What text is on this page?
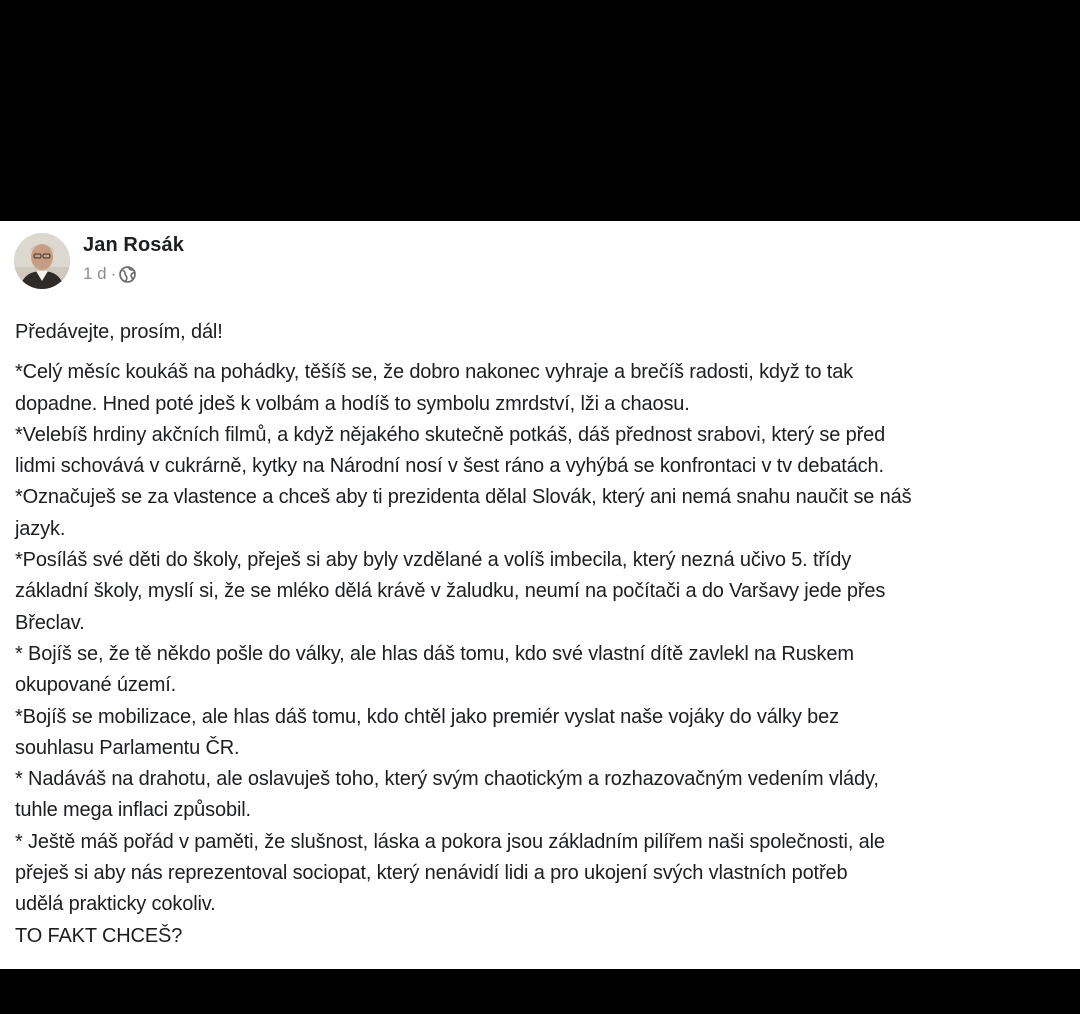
Jan Rosák
1 d ·

Předávejte, prosím, dál!

*Celý měsíc koukáš na pohádky, těšíš se, že dobro nakonec vyhraje a brečíš radosti, když to tak

dopadne. Hned poté jdeš k volbám a hodíš to symbolu zmrdství, lži a chaosu.

*Velebíš hrdiny akčních filmů, a když nějakého skutečně potkáš, dáš přednost srabovi, který se před

lidmi schovává v cukrárně, kytky na Národní nosí v šest ráno a vyhýbá se konfrontaci v tv debatách.

*Označuješ se za vlastence a chceš aby ti prezidenta dělal Slovák, který ani nemá snahu naučit se náš

jazyk.

*Posíláš své děti do školy, přeješ si aby byly vzdělané a volíš imbecila, který nezná učivo 5. třídy

základní školy, myslí si, že se mléko dělá krávě v žaludku, neumí na počítači a do Varšavy jede přes

Břeclav.

* Bojíš se, že tě někdo pošle do války, ale hlas dáš tomu, kdo své vlastní dítě zavlekl na Ruskem

okupované území.

*Bojíš se mobilizace, ale hlas dáš tomu, kdo chtěl jako premiér vyslat naše vojáky do války bez

souhlasu Parlamentu ČR.

* Nadáváš na drahotu, ale oslavuješ toho, který svým chaotickým a rozhazovačným vedením vlády,

tuhle mega inflaci způsobil.

* Ještě máš pořád v paměti, že slušnost, láska a pokora jsou základním pilířem naši společnosti, ale

přeješ si aby nás reprezentoval sociopat, který nenávidí lidi a pro ukojení svých vlastních potřeb

udělá prakticky cokoliv.

TO FAKT CHCEŠ?
